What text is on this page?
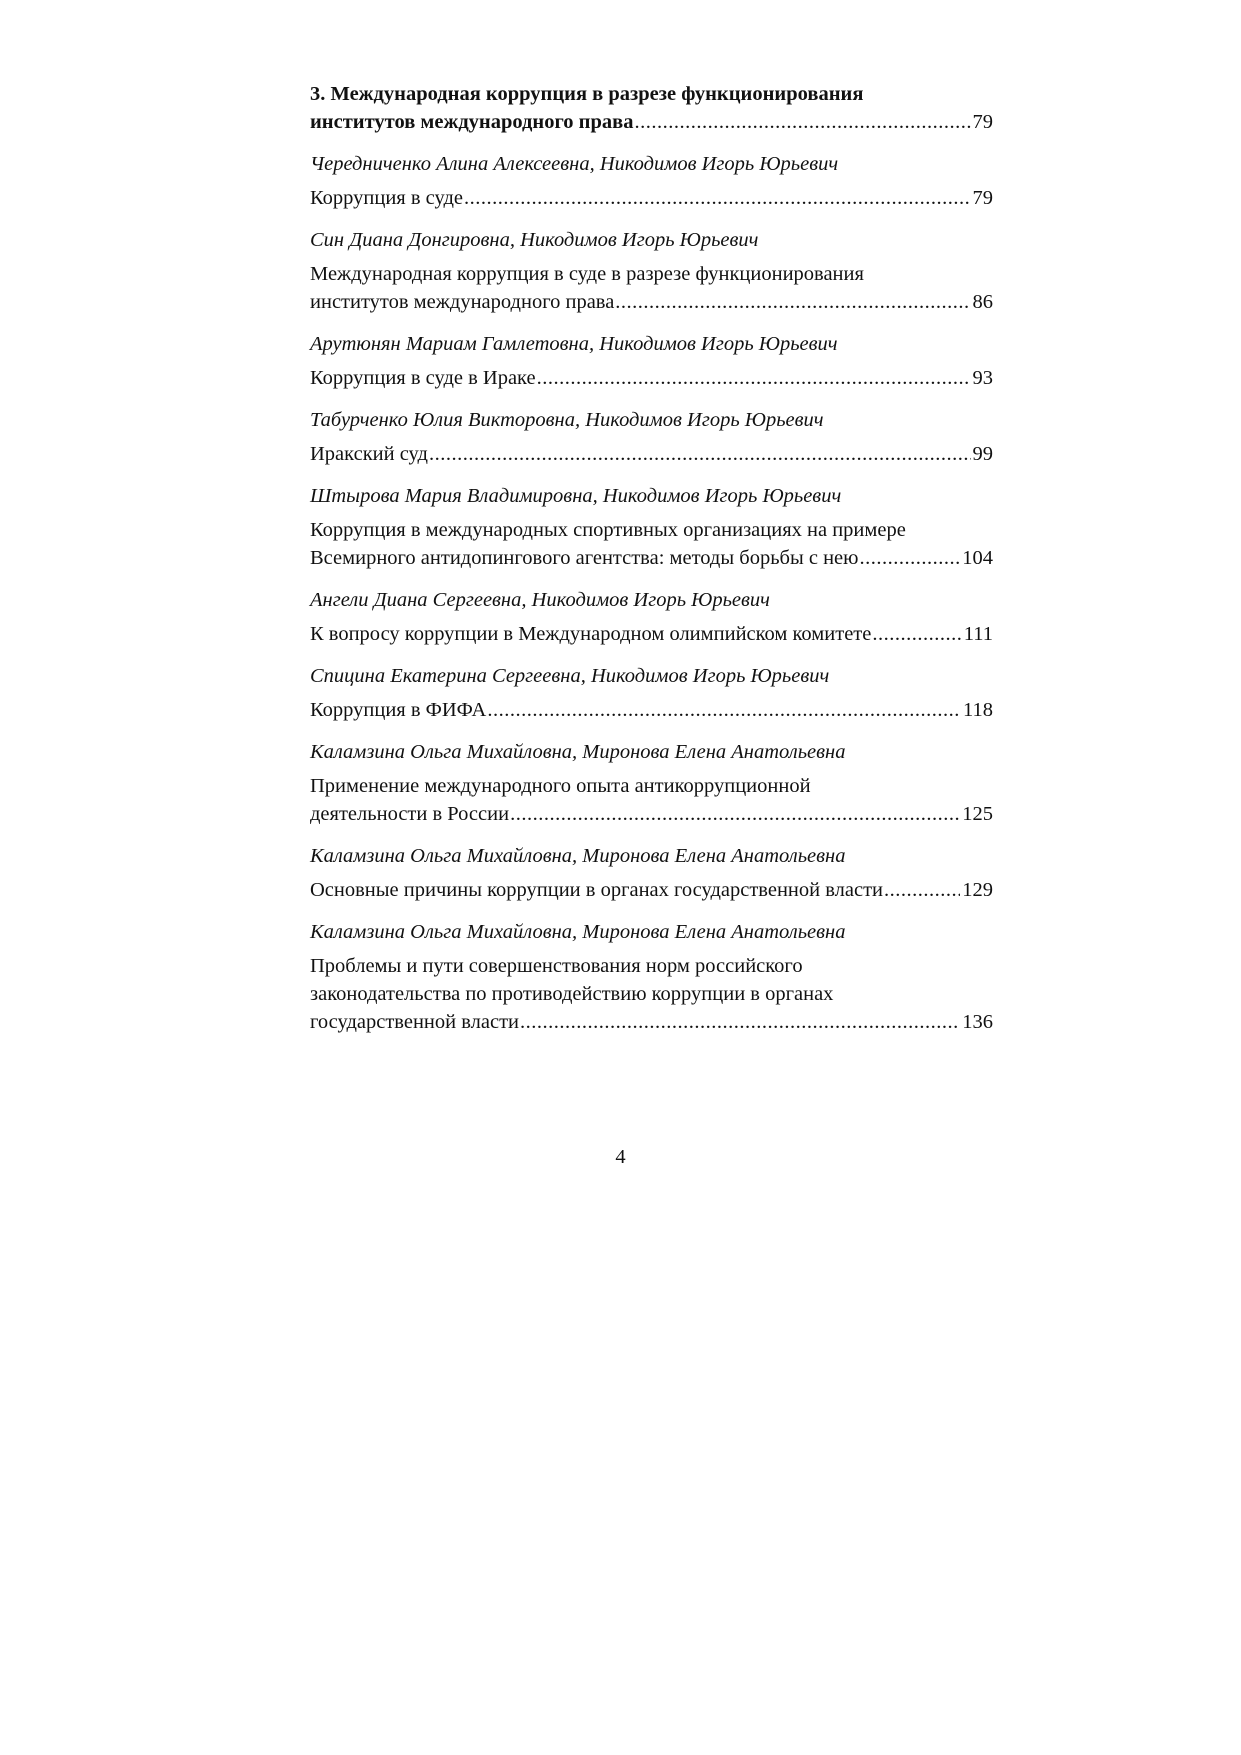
3. Международная коррупция в разрезе функционирования
институтов международного права .....	79
Чередниченко Алина Алексеевна, Никодимов Игорь Юрьевич
Коррупция в суде .....	79
Син Диана Донгировна, Никодимов Игорь Юрьевич
Международная коррупция в суде в разрезе функционирования
институтов международного права .....	86
Арутюнян Мариам Гамлетовна, Никодимов Игорь Юрьевич
Коррупция в суде в Ираке .....	93
Табурченко Юлия Викторовна, Никодимов Игорь Юрьевич
Иракский суд .....	99
Штырова Мария Владимировна, Никодимов Игорь Юрьевич
Коррупция в международных спортивных организациях на примере
Всемирного антидопингового агентства: методы борьбы с нею .....	104
Ангели Диана Сергеевна, Никодимов Игорь Юрьевич
К вопросу коррупции в Международном олимпийском комитете .....	111
Спицина Екатерина Сергеевна, Никодимов Игорь Юрьевич
Коррупция в ФИФА .....	118
Каламзина Ольга Михайловна, Миронова Елена Анатольевна
Применение международного опыта антикоррупционной
деятельности в России .....	125
Каламзина Ольга Михайловна, Миронова Елена Анатольевна
Основные причины коррупции в органах государственной власти .....	129
Каламзина Ольга Михайловна, Миронова Елена Анатольевна
Проблемы и пути совершенствования норм российского
законодательства по противодействию коррупции в органах
государственной власти .....	136
4
